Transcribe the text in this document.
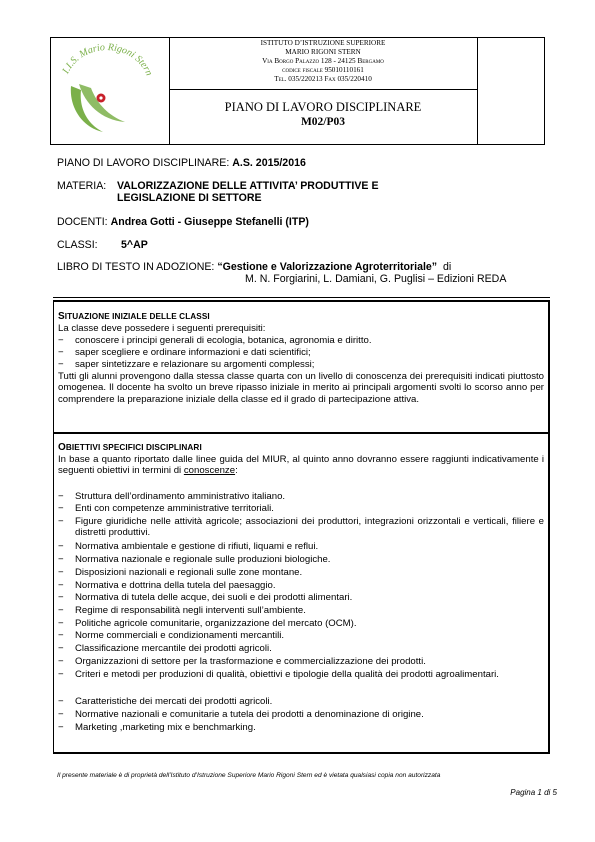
I.I.S. Mario Rigoni Stern
ISTITUTO D’ISTRUZIONE SUPERIORE
MARIO RIGONI STERN
Via Borgo Palazzo 128 - 24125 Bergamo
codice fiscale 95010110161
Tel. 035/220213 Fax 035/220410
PIANO DI LAVORO DISCIPLINARE
M02/P03
PIANO DI LAVORO DISCIPLINARE: A.S. 2015/2016
MATERIA: VALORIZZAZIONE DELLE ATTIVITA’ PRODUTTIVE E
LEGISLAZIONE DI SETTORE
DOCENTI: Andrea Gotti - Giuseppe Stefanelli (ITP)
CLASSI: 5^AP
LIBRO DI TESTO IN ADOZIONE: “Gestione e Valorizzazione Agroterritoriale” di
M. N. Forgiarini, L. Damiani, G. Puglisi – Edizioni REDA
SITUAZIONE INIZIALE DELLE CLASSI
La classe deve possedere i seguenti prerequisiti:
− conoscere i principi generali di ecologia, botanica, agronomia e diritto.
− saper scegliere e ordinare informazioni e dati scientifici;
− saper sintetizzare e relazionare su argomenti complessi;
Tutti gli alunni provengono dalla stessa classe quarta con un livello di conoscenza dei prerequisiti indicati piuttosto omogenea. Il docente ha svolto un breve ripasso iniziale in merito ai principali argomenti svolti lo scorso anno per comprendere la preparazione iniziale della classe ed il grado di partecipazione attiva.
OBIETTIVI SPECIFICI DISCIPLINARI
In base a quanto riportato dalle linee guida del MIUR, al quinto anno dovranno essere raggiunti indicativamente i seguenti obiettivi in termini di conoscenze:
− Struttura dell’ordinamento amministrativo italiano.
− Enti con competenze amministrative territoriali.
− Figure giuridiche nelle attività agricole; associazioni dei produttori, integrazioni orizzontali e verticali, filiere e distretti produttivi.
− Normativa ambientale e gestione di rifiuti, liquami e reflui.
− Normativa nazionale e regionale sulle produzioni biologiche.
− Disposizioni nazionali e regionali sulle zone montane.
− Normativa e dottrina della tutela del paesaggio.
− Normativa di tutela delle acque, dei suoli e dei prodotti alimentari.
− Regime di responsabilità negli interventi sull’ambiente.
− Politiche agricole comunitarie, organizzazione del mercato (OCM).
− Norme commerciali e condizionamenti mercantili.
− Classificazione mercantile dei prodotti agricoli.
− Organizzazioni di settore per la trasformazione e commercializzazione dei prodotti.
− Criteri e metodi per produzioni di qualità, obiettivi e tipologie della qualità dei prodotti agroalimentari.
− Caratteristiche dei mercati dei prodotti agricoli.
− Normative nazionali e comunitarie a tutela dei prodotti a denominazione di origine.
− Marketing ,marketing mix e benchmarking.
Il presente materiale è di proprietà dell’Istituto d’Istruzione Superiore Mario Rigoni Stern ed è vietata qualsiasi copia non autorizzata
Pagina 1 di 5
